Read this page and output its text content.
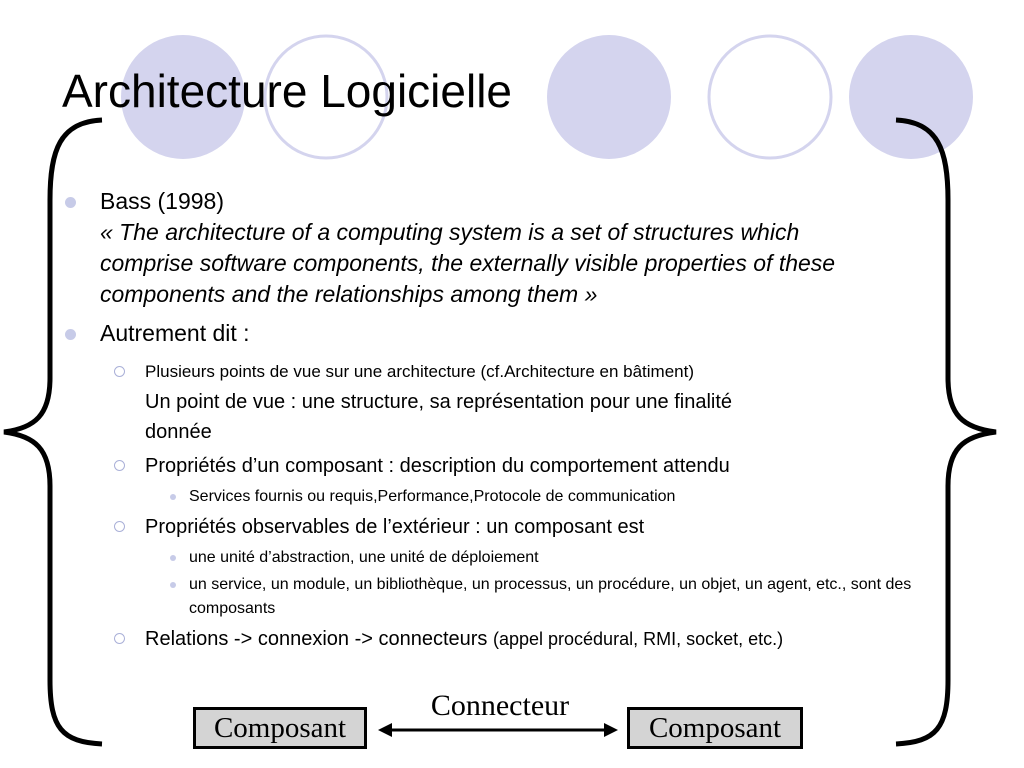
Architecture Logicielle
Bass (1998)
« The architecture of a computing system is a set of structures which
comprise software components, the externally visible properties of these
components and the relationships among them »
Autrement dit :
Plusieurs points de vue sur une architecture (cf.Architecture en bâtiment)
Un point de vue : une structure, sa représentation pour une finalité
donnée
Propriétés d’un composant : description du comportement attendu
Services fournis ou requis,Performance,Protocole de communication
Propriétés observables de l’extérieur : un composant est
une unité d’abstraction, une unité de déploiement
un service, un module, un bibliothèque, un processus, un procédure, un objet, un agent, etc., sont des composants
Relations -> connexion -> connecteurs (appel procédural, RMI, socket, etc.)
Composant
Connecteur
Composant
